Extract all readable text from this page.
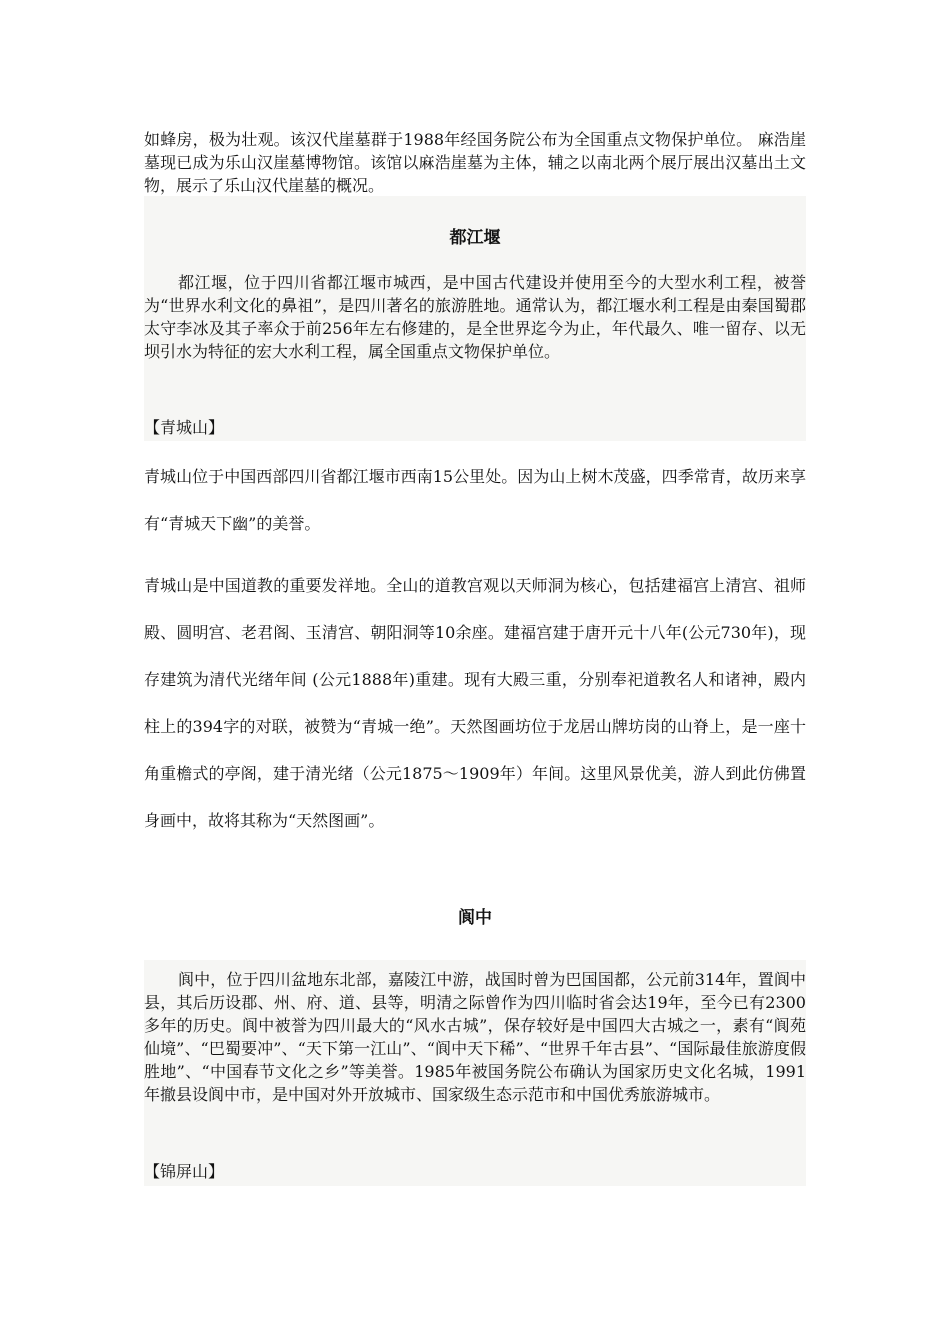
如蜂房，极为壮观。该汉代崖墓群于1988年经国务院公布为全国重点文物保护单位。 麻浩崖墓现已成为乐山汉崖墓博物馆。该馆以麻浩崖墓为主体，辅之以南北两个展厅展出汉墓出土文物，展示了乐山汉代崖墓的概况。

都江堰

都江堰，位于四川省都江堰市城西，是中国古代建设并使用至今的大型水利工程，被誉为“世界水利文化的鼻祖”，是四川著名的旅游胜地。通常认为，都江堰水利工程是由秦国蜀郡太守李冰及其子率众于前256年左右修建的，是全世界迄今为止，年代最久、唯一留存、以无坝引水为特征的宏大水利工程，属全国重点文物保护单位。

【青城山】

青城山位于中国西部四川省都江堰市西南15公里处。因为山上树木茂盛，四季常青，故历来享有“青城天下幽”的美誉。

青城山是中国道教的重要发祥地。全山的道教宫观以天师洞为核心，包括建福宫上清宫、祖师殿、圆明宫、老君阁、玉清宫、朝阳洞等10余座。建福宫建于唐开元十八年(公元730年)，现存建筑为清代光绪年间 (公元1888年)重建。现有大殿三重，分别奉祀道教名人和诸神，殿内柱上的394字的对联，被赞为“青城一绝”。天然图画坊位于龙居山牌坊岗的山脊上，是一座十角重檐式的亭阁，建于清光绪（公元1875～1909年）年间。这里风景优美，游人到此仿佛置身画中，故将其称为“天然图画”。

阆中

阆中，位于四川盆地东北部，嘉陵江中游，战国时曾为巴国国都，公元前314年，置阆中县，其后历设郡、州、府、道、县等，明清之际曾作为四川临时省会达19年，至今已有2300多年的历史。阆中被誉为四川最大的“风水古城”，保存较好是中国四大古城之一，素有“阆苑仙境”、“巴蜀要冲”、“天下第一江山”、“阆中天下稀”、“世界千年古县”、“国际最佳旅游度假胜地”、“中国春节文化之乡”等美誉。1985年被国务院公布确认为国家历史文化名城，1991年撤县设阆中市，是中国对外开放城市、国家级生态示范市和中国优秀旅游城市。

【锦屏山】
